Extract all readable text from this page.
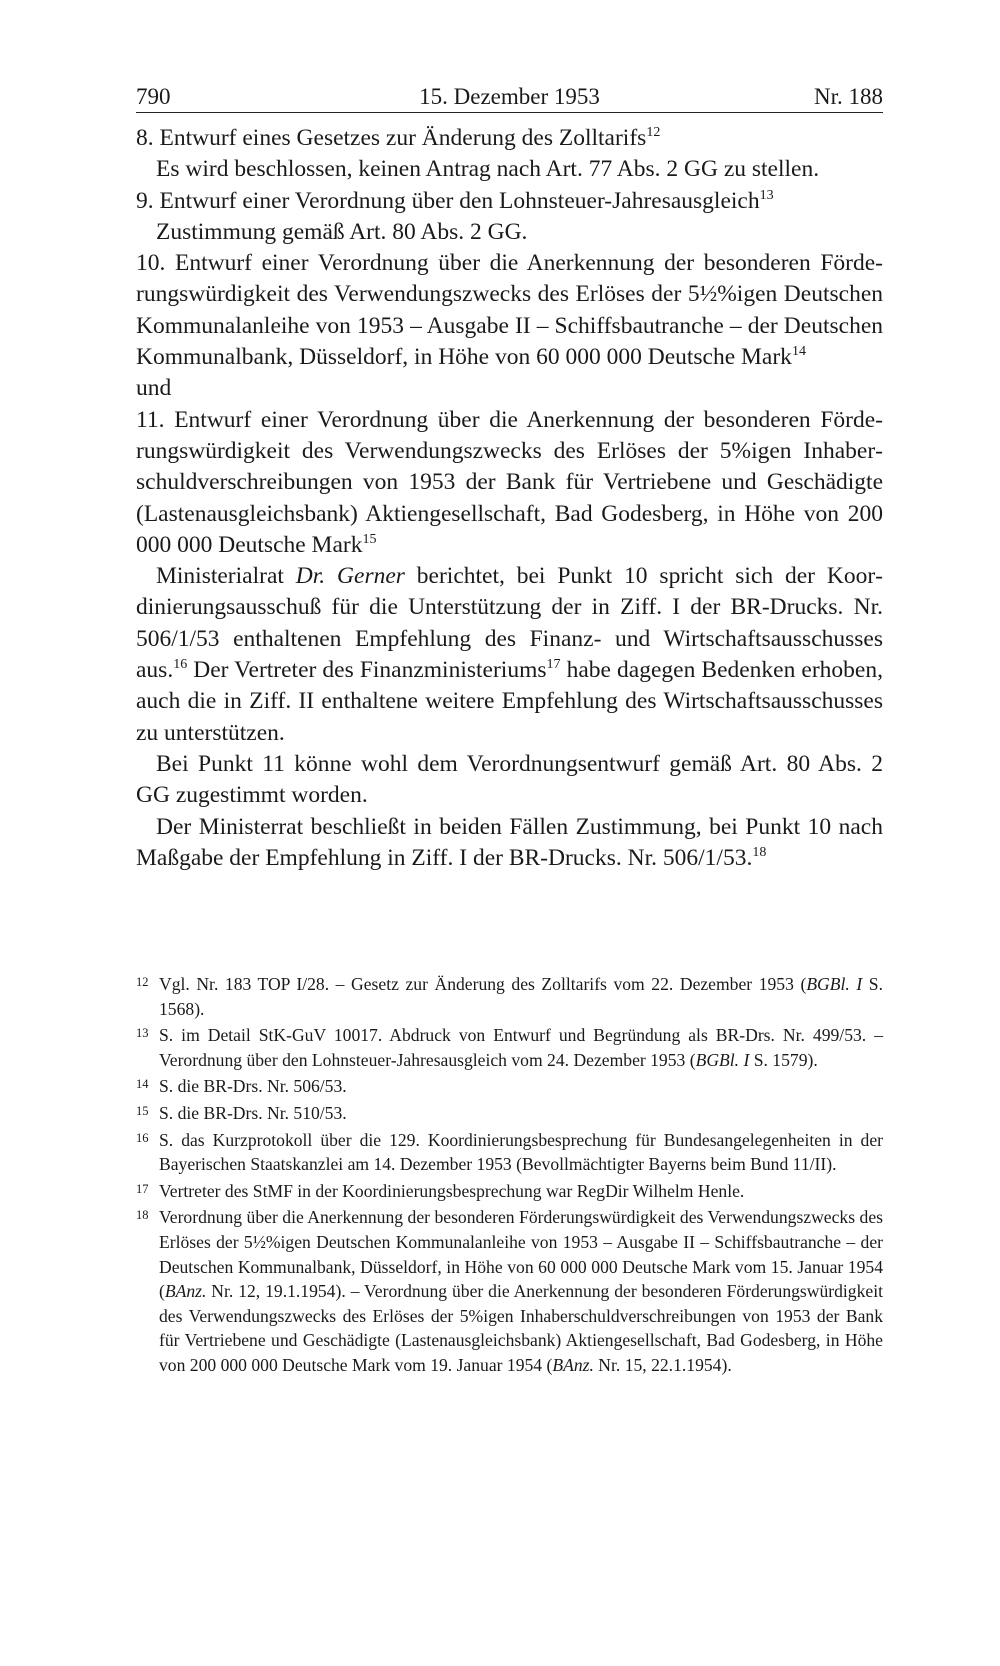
790	15. Dezember 1953	Nr. 188

8. Entwurf eines Gesetzes zur Änderung des Zolltarifs$^{12}$
Es wird beschlossen, keinen Antrag nach Art. 77 Abs. 2 GG zu stellen.

9. Entwurf einer Verordnung über den Lohnsteuer-Jahresausgleich$^{13}$
Zustimmung gemäß Art. 80 Abs. 2 GG.

10. Entwurf einer Verordnung über die Anerkennung der besonderen Förderungswürdigkeit des Verwendungszwecks des Erlöses der 5½%igen Deutschen Kommunalanleihe von 1953 – Ausgabe II – Schiffsbautranche – der Deutschen Kommunalbank, Düsseldorf, in Höhe von 60 000 000 Deutsche Mark$^{14}$

und

11. Entwurf einer Verordnung über die Anerkennung der besonderen Förderungswürdigkeit des Verwendungszwecks des Erlöses der 5%igen Inhaberschuldverschreibungen von 1953 der Bank für Vertriebene und Geschädigte (Lastenausgleichsbank) Aktiengesellschaft, Bad Godesberg, in Höhe von 200 000 000 Deutsche Mark$^{15}$

Ministerialrat Dr. Gerner berichtet, bei Punkt 10 spricht sich der Koordinierungsausschuß für die Unterstützung der in Ziff. I der BR-Drucks. Nr. 506/1/53 enthaltenen Empfehlung des Finanz- und Wirtschaftsausschusses aus.$^{16}$ Der Vertreter des Finanzministeriums$^{17}$ habe dagegen Bedenken erhoben, auch die in Ziff. II enthaltene weitere Empfehlung des Wirtschaftsausschusses zu unterstützen.

Bei Punkt 11 könne wohl dem Verordnungsentwurf gemäß Art. 80 Abs. 2 GG zugestimmt worden.

Der Ministerrat beschließt in beiden Fällen Zustimmung, bei Punkt 10 nach Maßgabe der Empfehlung in Ziff. I der BR-Drucks. Nr. 506/1/53.18

12 Vgl. Nr. 183 TOP I/28. – Gesetz zur Änderung des Zolltarifs vom 22. Dezember 1953 (BGBl. I S. 1568).

13 S. im Detail StK-GuV 10017. Abdruck von Entwurf und Begründung als BR-Drs. Nr. 499/53. – Verordnung über den Lohnsteuer-Jahresausgleich vom 24. Dezember 1953 (BGBl. I S. 1579).

14 S. die BR-Drs. Nr. 506/53.

15 S. die BR-Drs. Nr. 510/53.

16 S. das Kurzprotokoll über die 129. Koordinierungsbesprechung für Bundesangelegenheiten in der Bayerischen Staatskanzlei am 14. Dezember 1953 (Bevollmächtigter Bayerns beim Bund 11/II).

17 Vertreter des StMF in der Koordinierungsbesprechung war RegDir Wilhelm Henle.

18 Verordnung über die Anerkennung der besonderen Förderungswürdigkeit des Verwendungszwecks des Erlöses der 5½%igen Deutschen Kommunalanleihe von 1953 – Ausgabe II – Schiffsbautranche – der Deutschen Kommunalbank, Düsseldorf, in Höhe von 60 000 000 Deutsche Mark vom 15. Januar 1954 (BAnz. Nr. 12, 19.1.1954). – Verordnung über die Anerkennung der besonderen Förderungswürdigkeit des Verwendungszwecks des Erlöses der 5%igen Inhaberschuldverschreibungen von 1953 der Bank für Vertriebene und Geschädigte (Lastenausgleichsbank) Aktiengesellschaft, Bad Godesberg, in Höhe von 200 000 000 Deutsche Mark vom 19. Januar 1954 (BAnz. Nr. 15, 22.1.1954).
